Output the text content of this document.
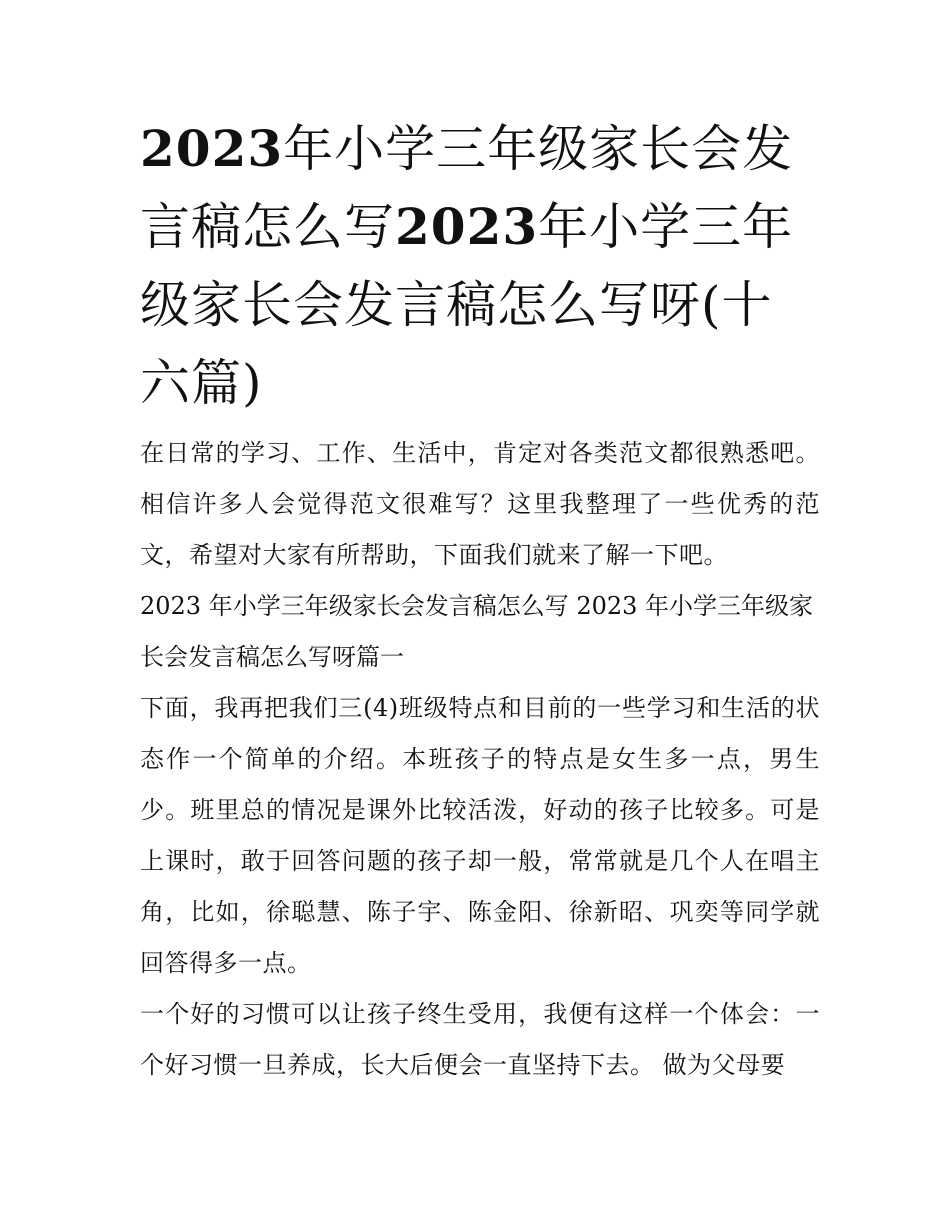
2023年小学三年级家长会发言稿怎么写2023年小学三年级家长会发言稿怎么写呀(十六篇)

在日常的学习、工作、生活中，肯定对各类范文都很熟悉吧。相信许多人会觉得范文很难写？这里我整理了一些优秀的范文，希望对大家有所帮助，下面我们就来了解一下吧。

2023 年小学三年级家长会发言稿怎么写 2023 年小学三年级家长会发言稿怎么写呀篇一

下面，我再把我们三(4)班级特点和目前的一些学习和生活的状态作一个简单的介绍。本班孩子的特点是女生多一点，男生少。班里总的情况是课外比较活泼，好动的孩子比较多。可是上课时，敢于回答问题的孩子却一般，常常就是几个人在唱主角，比如，徐聪慧、陈子宇、陈金阳、徐新昭、巩奕等同学就回答得多一点。

一个好的习惯可以让孩子终生受用，我便有这样一个体会：一个好习惯一旦养成，长大后便会一直坚持下去。 做为父母要
